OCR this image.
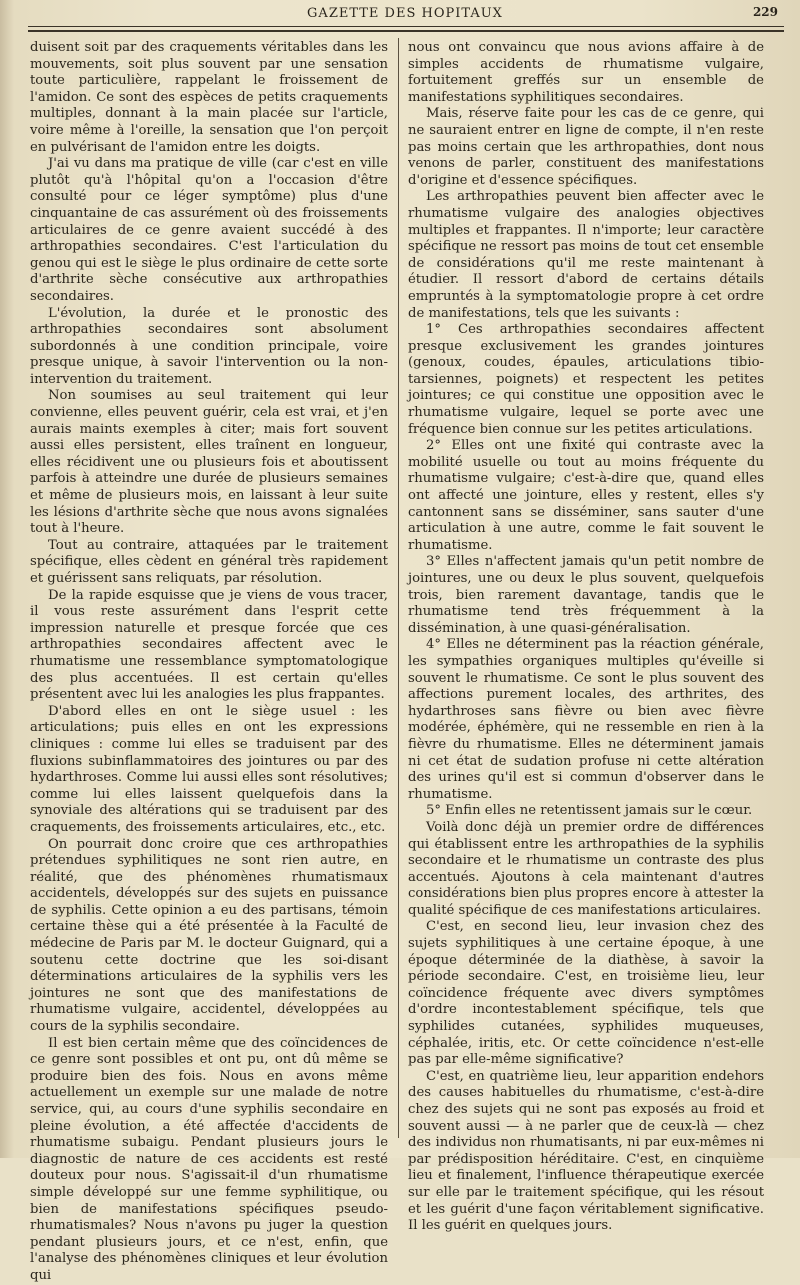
GAZETTE DES HOPITAUX	229

duisent soit par des craquements véritables dans les mouvements, soit plus souvent par une sensation toute particulière, rappelant le froissement de l'amidon. Ce sont des espèces de petits craquements multiples, donnant à la main placée sur l'article, voire même à l'oreille, la sensation que l'on perçoit en pulvérisant de l'amidon entre les doigts.

J'ai vu dans ma pratique de ville (car c'est en ville plutôt qu'à l'hôpital qu'on a l'occasion d'être consulté pour ce léger symptôme) plus d'une cinquantaine de cas assurément où des froissements articulaires de ce genre avaient succédé à des arthropathies secondaires. C'est l'articulation du genou qui est le siège le plus ordinaire de cette sorte d'arthrite sèche consécutive aux arthropathies secondaires.

L'évolution, la durée et le pronostic des arthropathies secondaires sont absolument subordonnés à une condition principale, voire presque unique, à savoir l'intervention ou la non-intervention du traitement.

Non soumises au seul traitement qui leur convienne, elles peuvent guérir, cela est vrai, et j'en aurais maints exemples à citer; mais fort souvent aussi elles persistent, elles traînent en longueur, elles récidivent une ou plusieurs fois et aboutissent parfois à atteindre une durée de plusieurs semaines et même de plusieurs mois, en laissant à leur suite les lésions d'arthrite sèche que nous avons signalées tout à l'heure.

Tout au contraire, attaquées par le traitement spécifique, elles cèdent en général très rapidement et guérissent sans reliquats, par résolution.

De la rapide esquisse que je viens de vous tracer, il vous reste assurément dans l'esprit cette impression naturelle et presque forcée que ces arthropathies secondaires affectent avec le rhumatisme une ressemblance symptomatologique des plus accentuées. Il est certain qu'elles présentent avec lui les analogies les plus frappantes.

D'abord elles en ont le siège usuel : les articulations; puis elles en ont les expressions cliniques : comme lui elles se traduisent par des fluxions subinflammatoires des jointures ou par des hydarthroses. Comme lui aussi elles sont résolutives; comme lui elles laissent quelquefois dans la synoviale des altérations qui se traduisent par des craquements, des froissements articulaires, etc., etc.

On pourrait donc croire que ces arthropathies prétendues syphilitiques ne sont rien autre, en réalité, que des phénomènes rhumatismaux accidentels, développés sur des sujets en puissance de syphilis. Cette opinion a eu des partisans, témoin certaine thèse qui a été présentée à la Faculté de médecine de Paris par M. le docteur Guignard, qui a soutenu cette doctrine que les soi-disant déterminations articulaires de la syphilis vers les jointures ne sont que des manifestations de rhumatisme vulgaire, accidentel, développées au cours de la syphilis secondaire.

Il est bien certain même que des coïncidences de ce genre sont possibles et ont pu, ont dû même se produire bien des fois. Nous en avons même actuellement un exemple sur une malade de notre service, qui, au cours d'une syphilis secondaire en pleine évolution, a été affectée d'accidents de rhumatisme subaigu. Pendant plusieurs jours le diagnostic de nature de ces accidents est resté douteux pour nous. S'agissait-il d'un rhumatisme simple développé sur une femme syphilitique, ou bien de manifestations spécifiques pseudo-rhumatismales? Nous n'avons pu juger la question pendant plusieurs jours, et ce n'est, enfin, que l'analyse des phénomènes cliniques et leur évolution qui

nous ont convaincu que nous avions affaire à de simples accidents de rhumatisme vulgaire, fortuitement greffés sur un ensemble de manifestations syphilitiques secondaires.

Mais, réserve faite pour les cas de ce genre, qui ne sauraient entrer en ligne de compte, il n'en reste pas moins certain que les arthropathies, dont nous venons de parler, constituent des manifestations d'origine et d'essence spécifiques.

Les arthropathies peuvent bien affecter avec le rhumatisme vulgaire des analogies objectives multiples et frappantes. Il n'importe; leur caractère spécifique ne ressort pas moins de tout cet ensemble de considérations qu'il me reste maintenant à étudier. Il ressort d'abord de certains détails empruntés à la symptomatologie propre à cet ordre de manifestations, tels que les suivants :

1° Ces arthropathies secondaires affectent presque exclusivement les grandes jointures (genoux, coudes, épaules, articulations tibio-tarsiennes, poignets) et respectent les petites jointures; ce qui constitue une opposition avec le rhumatisme vulgaire, lequel se porte avec une fréquence bien connue sur les petites articulations.

2° Elles ont une fixité qui contraste avec la mobilité usuelle ou tout au moins fréquente du rhumatisme vulgaire; c'est-à-dire que, quand elles ont affecté une jointure, elles y restent, elles s'y cantonnent sans se disséminer, sans sauter d'une articulation à une autre, comme le fait souvent le rhumatisme.

3° Elles n'affectent jamais qu'un petit nombre de jointures, une ou deux le plus souvent, quelquefois trois, bien rarement davantage, tandis que le rhumatisme tend très fréquemment à la dissémination, à une quasi-généralisation.

4° Elles ne déterminent pas la réaction générale, les sympathies organiques multiples qu'éveille si souvent le rhumatisme. Ce sont le plus souvent des affections purement locales, des arthrites, des hydarthroses sans fièvre ou bien avec fièvre modérée, éphémère, qui ne ressemble en rien à la fièvre du rhumatisme. Elles ne déterminent jamais ni cet état de sudation profuse ni cette altération des urines qu'il est si commun d'observer dans le rhumatisme.

5° Enfin elles ne retentissent jamais sur le cœur.

Voilà donc déjà un premier ordre de différences qui établissent entre les arthropathies de la syphilis secondaire et le rhumatisme un contraste des plus accentués. Ajoutons à cela maintenant d'autres considérations bien plus propres encore à attester la qualité spécifique de ces manifestations articulaires.

C'est, en second lieu, leur invasion chez des sujets syphilitiques à une certaine époque, à une époque déterminée de la diathèse, à savoir la période secondaire. C'est, en troisième lieu, leur coïncidence fréquente avec divers symptômes d'ordre incontestablement spécifique, tels que syphilides cutanées, syphilides muqueuses, céphalée, iritis, etc. Or cette coïncidence n'est-elle pas par elle-même significative?

C'est, en quatrième lieu, leur apparition endehors des causes habituelles du rhumatisme, c'est-à-dire chez des sujets qui ne sont pas exposés au froid et souvent aussi — à ne parler que de ceux-là — chez des individus non rhumatisants, ni par eux-mêmes ni par prédisposition héréditaire. C'est, en cinquième lieu et finalement, l'influence thérapeutique exercée sur elle par le traitement spécifique, qui les résout et les guérit d'une façon véritablement significative. Il les guérit en quelques jours.
